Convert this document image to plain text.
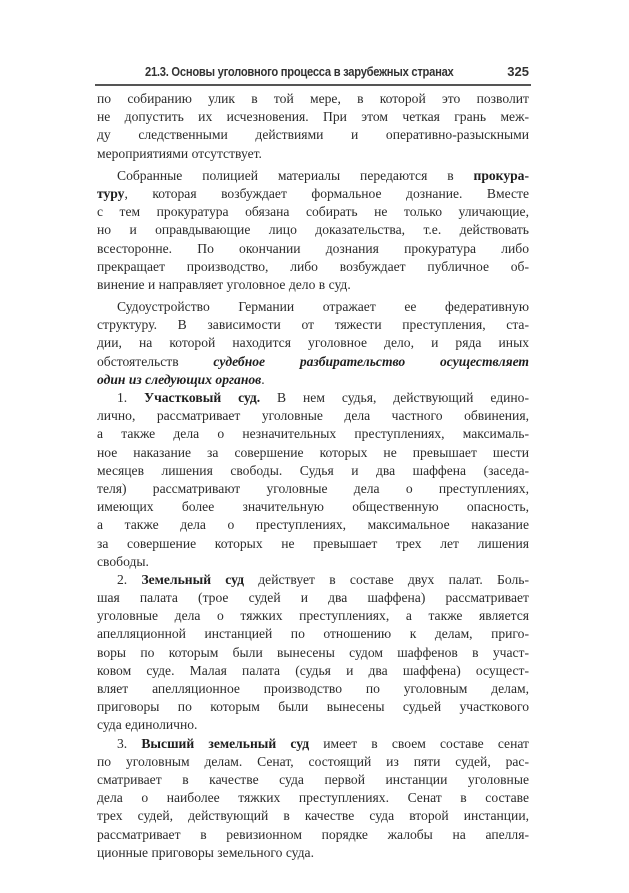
21.3. Основы уголовного процесса в зарубежных странах	325
по собиранию улик в той мере, в которой это позволит
не допустить их исчезновения. При этом четкая грань меж-
ду следственными действиями и оперативно-разыскными
мероприятиями отсутствует.
Собранные полицией материалы передаются в прокура-
туру, которая возбуждает формальное дознание. Вместе
с тем прокуратура обязана собирать не только уличающие,
но и оправдывающие лицо доказательства, т.е. действовать
всесторонне. По окончании дознания прокуратура либо
прекращает производство, либо возбуждает публичное об-
винение и направляет уголовное дело в суд.
Судоустройство Германии отражает ее федеративную
структуру. В зависимости от тяжести преступления, ста-
дии, на которой находится уголовное дело, и ряда иных
обстоятельств судебное разбирательство осуществляет
один из следующих органов.
1. Участковый суд. В нем судья, действующий едино-
лично, рассматривает уголовные дела частного обвинения,
а также дела о незначительных преступлениях, максималь-
ное наказание за совершение которых не превышает шести
месяцев лишения свободы. Судья и два шаффена (заседа-
теля) рассматривают уголовные дела о преступлениях,
имеющих более значительную общественную опасность,
а также дела о преступлениях, максимальное наказание
за совершение которых не превышает трех лет лишения
свободы.
2. Земельный суд действует в составе двух палат. Боль-
шая палата (трое судей и два шаффена) рассматривает
уголовные дела о тяжких преступлениях, а также является
апелляционной инстанцией по отношению к делам, приго-
воры по которым были вынесены судом шаффенов в участ-
ковом суде. Малая палата (судья и два шаффена) осущест-
вляет апелляционное производство по уголовным делам,
приговоры по которым были вынесены судьей участкового
суда единолично.
3. Высший земельный суд имеет в своем составе сенат
по уголовным делам. Сенат, состоящий из пяти судей, рас-
сматривает в качестве суда первой инстанции уголовные
дела о наиболее тяжких преступлениях. Сенат в составе
трех судей, действующий в качестве суда второй инстанции,
рассматривает в ревизионном порядке жалобы на апелля-
ционные приговоры земельного суда.
